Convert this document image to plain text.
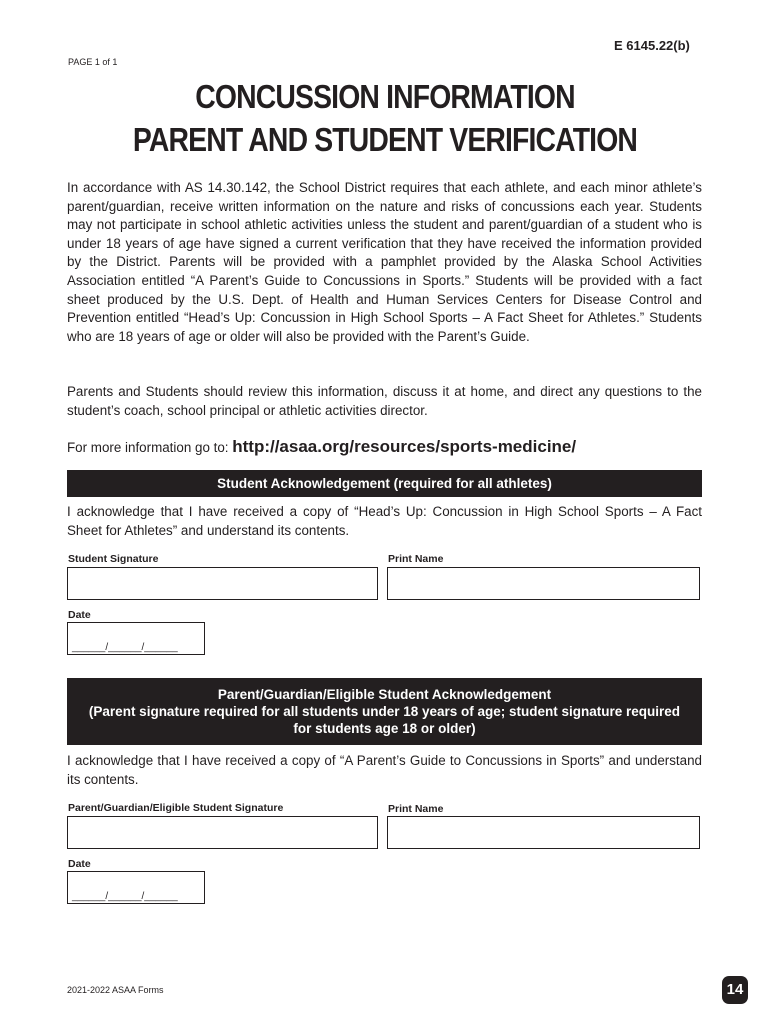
E 6145.22(b)
PAGE 1 of 1
CONCUSSION INFORMATION
PARENT AND STUDENT VERIFICATION

In accordance with AS 14.30.142, the School District requires that each athlete, and each minor athlete’s parent/guardian, receive written information on the nature and risks of concussions each year. Students may not participate in school athletic activities unless the student and parent/guardian of a student who is under 18 years of age have signed a current verification that they have received the information provided by the District. Parents will be provided with a pamphlet provided by the Alaska School Activities Association entitled “A Parent’s Guide to Concussions in Sports.” Students will be provided with a fact sheet produced by the U.S. Dept. of Health and Human Services Centers for Disease Control and Prevention entitled “Head’s Up: Concussion in High School Sports – A Fact Sheet for Athletes.” Students who are 18 years of age or older will also be provided with the Parent’s Guide.

Parents and Students should review this information, discuss it at home, and direct any questions to the student’s coach, school principal or athletic activities director.

For more information go to: http://asaa.org/resources/sports-medicine/
Student Acknowledgement (required for all athletes)

I acknowledge that I have received a copy of “Head’s Up: Concussion in High School Sports – A Fact Sheet for Athletes” and understand its contents.

Student Signature	Print Name
Date
______/______/______
Parent/Guardian/Eligible Student Acknowledgement
(Parent signature required for all students under 18 years of age; student signature required for students age 18 or older)

I acknowledge that I have received a copy of “A Parent’s Guide to Concussions in Sports” and understand its contents.

Parent/Guardian/Eligible Student Signature	Print Name
Date
______/______/______
2021-2022 ASAA Forms	14
